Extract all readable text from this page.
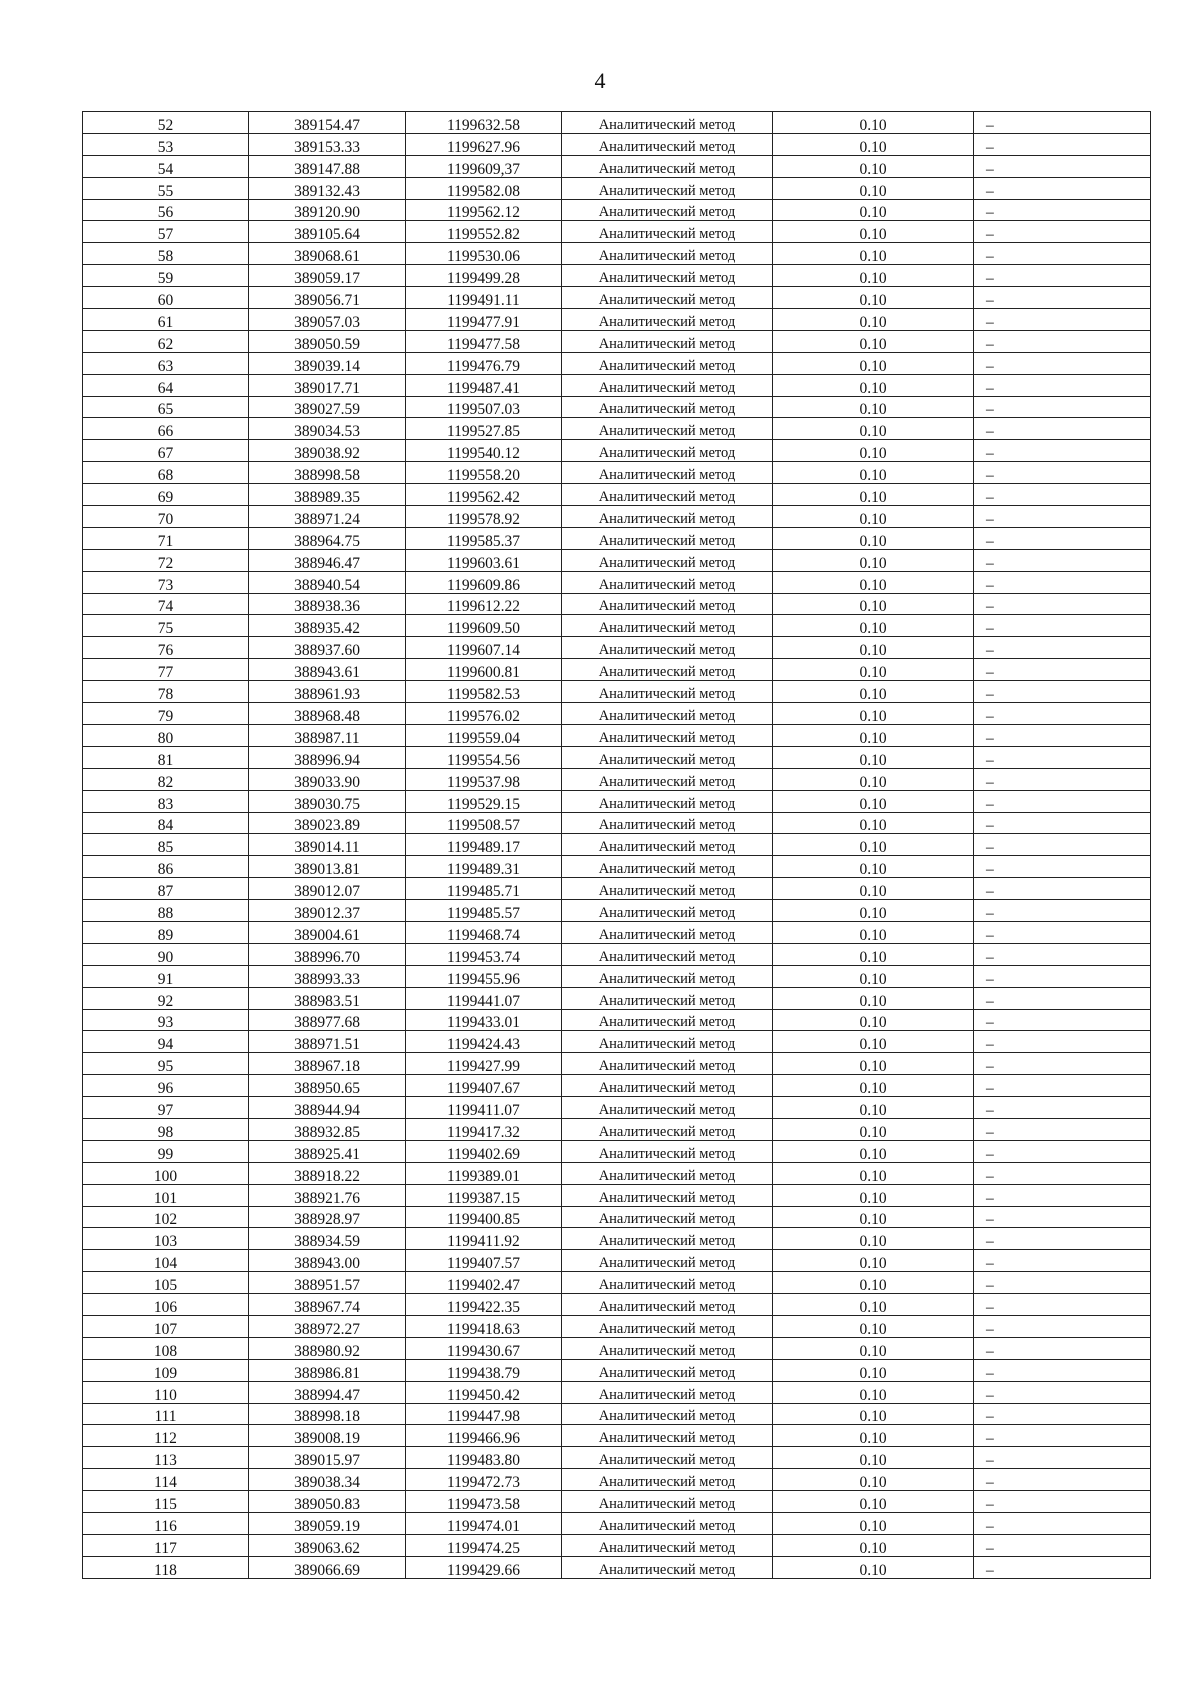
4
52	389154.47	1199632.58	Аналитический метод	0.10	–
53	389153.33	1199627.96	Аналитический метод	0.10	–
54	389147.88	1199609,37	Аналитический метод	0.10	–
55	389132.43	1199582.08	Аналитический метод	0.10	–
56	389120.90	1199562.12	Аналитический метод	0.10	–
57	389105.64	1199552.82	Аналитический метод	0.10	–
58	389068.61	1199530.06	Аналитический метод	0.10	–
59	389059.17	1199499.28	Аналитический метод	0.10	–
60	389056.71	1199491.11	Аналитический метод	0.10	–
61	389057.03	1199477.91	Аналитический метод	0.10	–
62	389050.59	1199477.58	Аналитический метод	0.10	–
63	389039.14	1199476.79	Аналитический метод	0.10	–
64	389017.71	1199487.41	Аналитический метод	0.10	–
65	389027.59	1199507.03	Аналитический метод	0.10	–
66	389034.53	1199527.85	Аналитический метод	0.10	–
67	389038.92	1199540.12	Аналитический метод	0.10	–
68	388998.58	1199558.20	Аналитический метод	0.10	–
69	388989.35	1199562.42	Аналитический метод	0.10	–
70	388971.24	1199578.92	Аналитический метод	0.10	–
71	388964.75	1199585.37	Аналитический метод	0.10	–
72	388946.47	1199603.61	Аналитический метод	0.10	–
73	388940.54	1199609.86	Аналитический метод	0.10	–
74	388938.36	1199612.22	Аналитический метод	0.10	–
75	388935.42	1199609.50	Аналитический метод	0.10	–
76	388937.60	1199607.14	Аналитический метод	0.10	–
77	388943.61	1199600.81	Аналитический метод	0.10	–
78	388961.93	1199582.53	Аналитический метод	0.10	–
79	388968.48	1199576.02	Аналитический метод	0.10	–
80	388987.11	1199559.04	Аналитический метод	0.10	–
81	388996.94	1199554.56	Аналитический метод	0.10	–
82	389033.90	1199537.98	Аналитический метод	0.10	–
83	389030.75	1199529.15	Аналитический метод	0.10	–
84	389023.89	1199508.57	Аналитический метод	0.10	–
85	389014.11	1199489.17	Аналитический метод	0.10	–
86	389013.81	1199489.31	Аналитический метод	0.10	–
87	389012.07	1199485.71	Аналитический метод	0.10	–
88	389012.37	1199485.57	Аналитический метод	0.10	–
89	389004.61	1199468.74	Аналитический метод	0.10	–
90	388996.70	1199453.74	Аналитический метод	0.10	–
91	388993.33	1199455.96	Аналитический метод	0.10	–
92	388983.51	1199441.07	Аналитический метод	0.10	–
93	388977.68	1199433.01	Аналитический метод	0.10	–
94	388971.51	1199424.43	Аналитический метод	0.10	–
95	388967.18	1199427.99	Аналитический метод	0.10	–
96	388950.65	1199407.67	Аналитический метод	0.10	–
97	388944.94	1199411.07	Аналитический метод	0.10	–
98	388932.85	1199417.32	Аналитический метод	0.10	–
99	388925.41	1199402.69	Аналитический метод	0.10	–
100	388918.22	1199389.01	Аналитический метод	0.10	–
101	388921.76	1199387.15	Аналитический метод	0.10	–
102	388928.97	1199400.85	Аналитический метод	0.10	–
103	388934.59	1199411.92	Аналитический метод	0.10	–
104	388943.00	1199407.57	Аналитический метод	0.10	–
105	388951.57	1199402.47	Аналитический метод	0.10	–
106	388967.74	1199422.35	Аналитический метод	0.10	–
107	388972.27	1199418.63	Аналитический метод	0.10	–
108	388980.92	1199430.67	Аналитический метод	0.10	–
109	388986.81	1199438.79	Аналитический метод	0.10	–
110	388994.47	1199450.42	Аналитический метод	0.10	–
111	388998.18	1199447.98	Аналитический метод	0.10	–
112	389008.19	1199466.96	Аналитический метод	0.10	–
113	389015.97	1199483.80	Аналитический метод	0.10	–
114	389038.34	1199472.73	Аналитический метод	0.10	–
115	389050.83	1199473.58	Аналитический метод	0.10	–
116	389059.19	1199474.01	Аналитический метод	0.10	–
117	389063.62	1199474.25	Аналитический метод	0.10	–
118	389066.69	1199429.66	Аналитический метод	0.10	–
